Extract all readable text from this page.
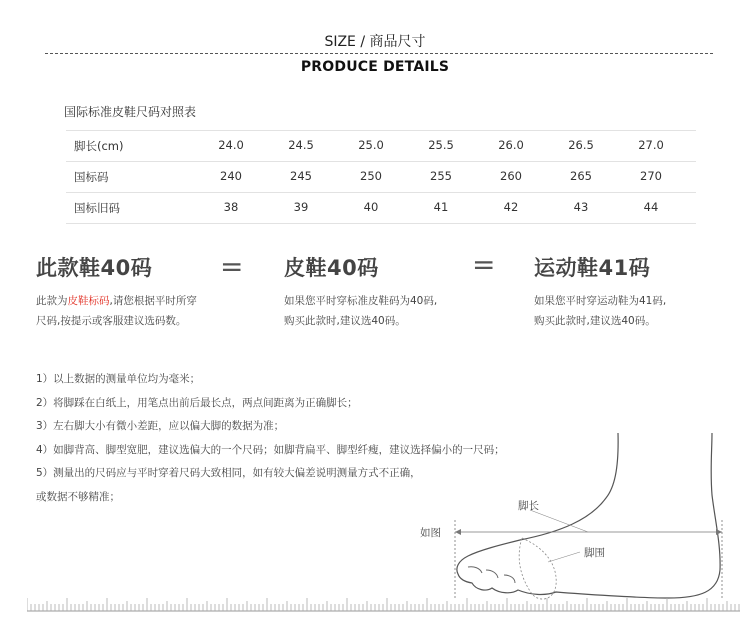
SIZE / 商品尺寸
PRODUCE DETAILS
国际标准皮鞋尺码对照表
脚长(cm)	24.0	24.5	25.0	25.5	26.0	26.5	27.0
国标码	240	245	250	255	260	265	270
国标旧码	38	39	40	41	42	43	44
此款鞋40码
此款为皮鞋标码,请您根据平时所穿
尺码,按提示或客服建议选码数。
= 皮鞋40码
如果您平时穿标准皮鞋码为40码,
购买此款时,建议选40码。
= 运动鞋41码
如果您平时穿运动鞋为41码,
购买此款时,建议选40码。
1）以上数据的测量单位均为毫米；
2）将脚踩在白纸上，用笔点出前后最长点，两点间距离为正确脚长；
3）左右脚大小有微小差距，应以偏大脚的数据为准；
4）如脚背高、脚型宽肥，建议选偏大的一个尺码；如脚背扁平、脚型纤瘦，建议选择偏小的一尺码；
5）测量出的尺码应与平时穿着尺码大致相同，如有较大偏差说明测量方式不正确，
或数据不够精准；
如图
脚长
脚围
